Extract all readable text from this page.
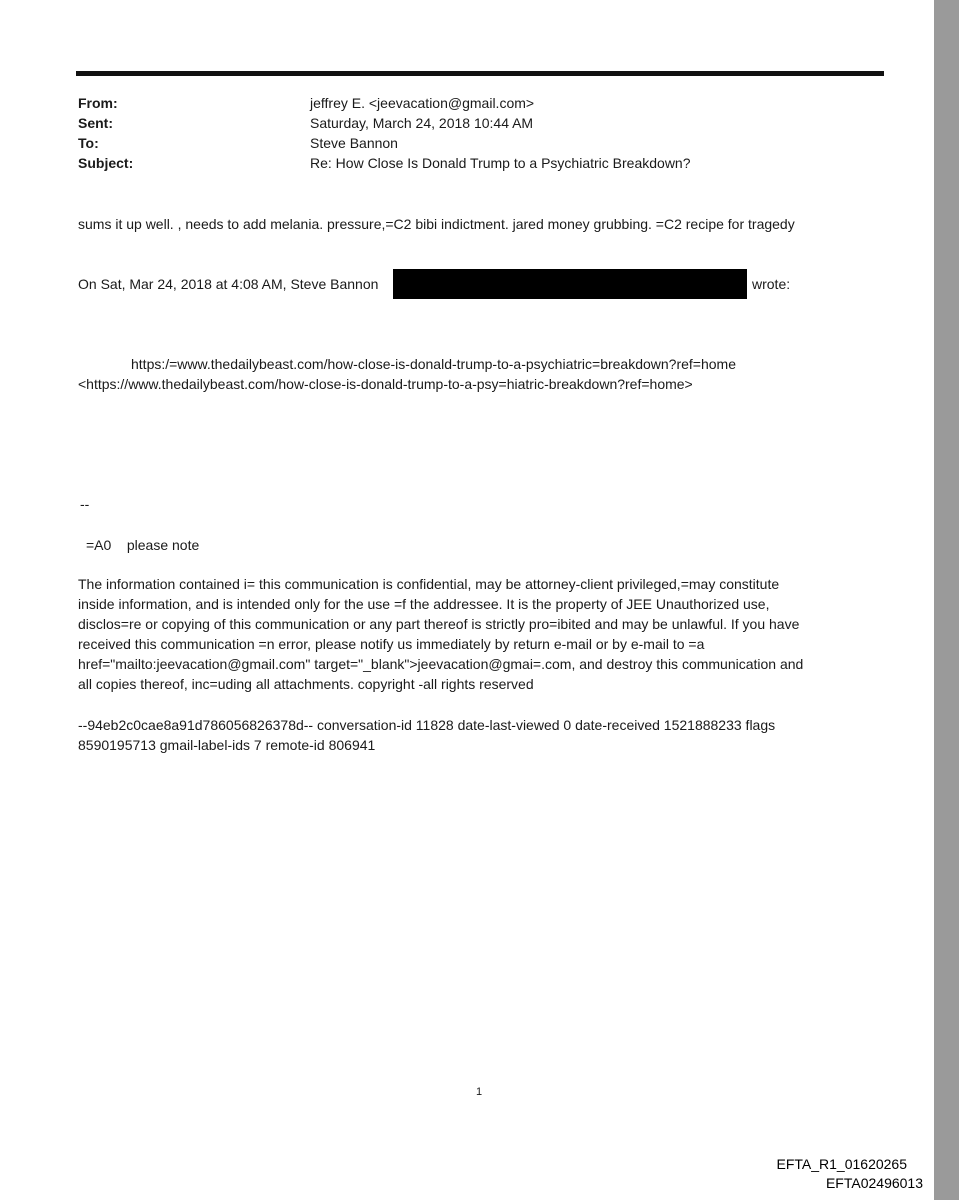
From:	jeffrey E. <jeevacation@gmail.com>
Sent:	Saturday, March 24, 2018 10:44 AM
To:	Steve Bannon
Subject:	Re: How Close Is Donald Trump to a Psychiatric Breakdown?
sums it up well. , needs to add melania. pressure,=C2 bibi indictment. jared money grubbing. =C2 recipe for tragedy
On Sat, Mar 24, 2018 at 4:08 AM, Steve Bannon	wrote:
https:/=www.thedailybeast.com/how-close-is-donald-trump-to-a-psychiatric=breakdown?ref=home
<https://www.thedailybeast.com/how-close-is-donald-trump-to-a-psy=hiatric-breakdown?ref=home>
--
=A0    please note
The information contained i= this communication is confidential, may be attorney-client privileged,=may constitute
inside information, and is intended only for the use =f the addressee. It is the property of JEE Unauthorized use,
disclos=re or copying of this communication or any part thereof is strictly pro=ibited and may be unlawful. If you have
received this communication =n error, please notify us immediately by return e-mail or by e-mail to =a
href="mailto:jeevacation@gmail.com" target="_blank">jeevacation@gmai=.com, and destroy this communication and
all copies thereof, inc=uding all attachments. copyright -all rights reserved
--94eb2c0cae8a91d786056826378d-- conversation-id 11828 date-last-viewed 0 date-received 1521888233 flags
8590195713 gmail-label-ids 7 remote-id 806941
1
EFTA_R1_01620265
EFTA02496013
